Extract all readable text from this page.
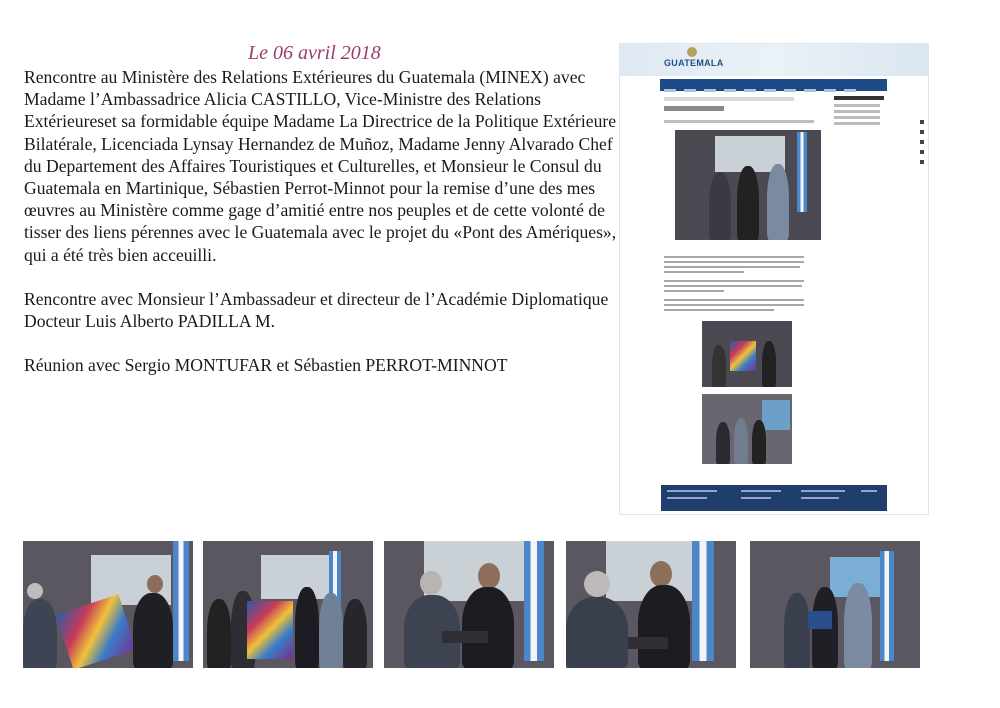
Le 06 avril 2018

Rencontre au Ministère des Relations Extérieures du Guatemala (MINEX) avec Madame l’Ambassadrice Alicia CASTILLO, Vice-Ministre des Relations Extérieureset sa formidable équipe Madame La Directrice de la Politique Extérieure Bilatérale, Licenciada Lynsay Hernandez de Muñoz, Madame Jenny Alvarado Chef du Departement des Affaires Touristiques et Culturelles, et Monsieur le Consul du Guatemala en Martinique, Sébastien Perrot-Minnot pour la remise d’une des mes œuvres au Ministère comme gage d’amitié entre nos peuples et de cette volonté de tisser des liens pérennes avec le Guatemala avec le projet du «Pont des Amériques», qui a été très bien acceuilli.

Rencontre avec Monsieur l’Ambassadeur et directeur de l’Académie Diplomatique Docteur Luis Alberto PADILLA M.

Réunion avec Sergio MONTUFAR et Sébastien PERROT-MINNOT

GUATEMALA
